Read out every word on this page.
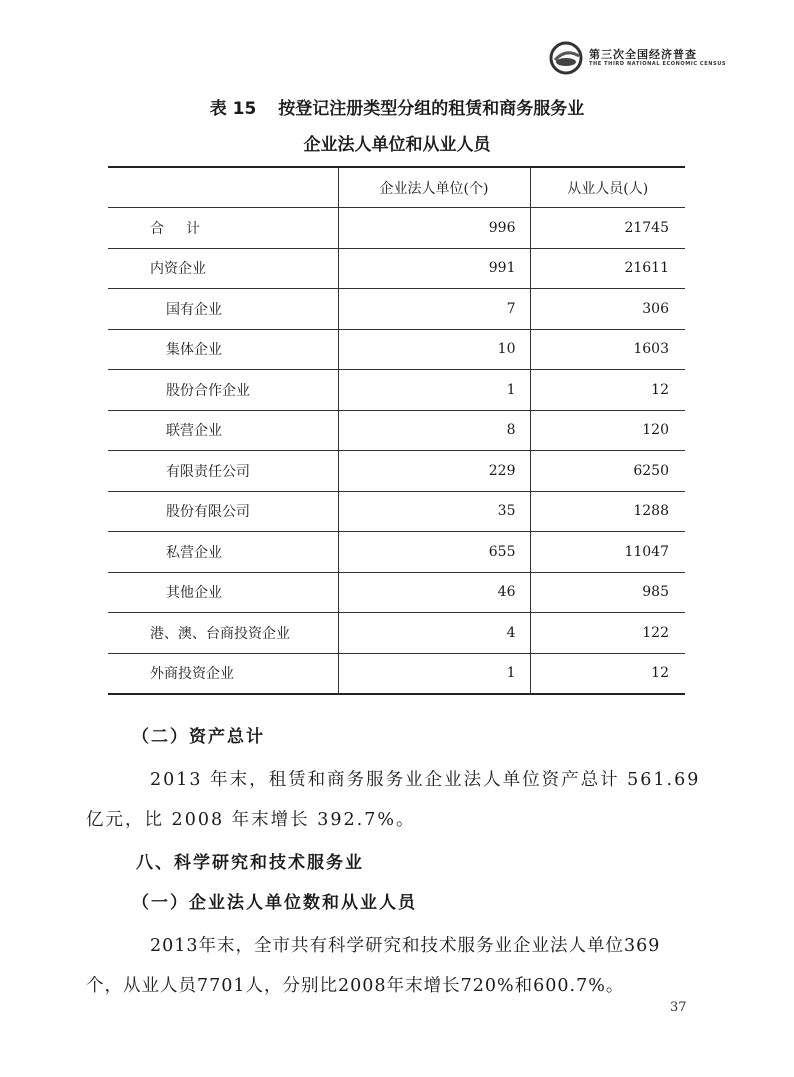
第三次全国经济普查
THE THIRD NATIONAL ECONOMIC CENSUS
表 15 按登记注册类型分组的租赁和商务服务业
企业法人单位和从业人员
	企业法人单位(个)	从业人员(人)
合计	996	21745
内资企业	991	21611
国有企业	7	306
集体企业	10	1603
股份合作企业	1	12
联营企业	8	120
有限责任公司	229	6250
股份有限公司	35	1288
私营企业	655	11047
其他企业	46	985
港、澳、台商投资企业	4	122
外商投资企业	1	12
（二）资产总计
2013 年末，租赁和商务服务业企业法人单位资产总计 561.69
亿元，比 2008 年末增长 392.7%。
八、科学研究和技术服务业
（一）企业法人单位数和从业人员
2013年末，全市共有科学研究和技术服务业企业法人单位369
个，从业人员7701人，分别比2008年末增长720%和600.7%。
37
